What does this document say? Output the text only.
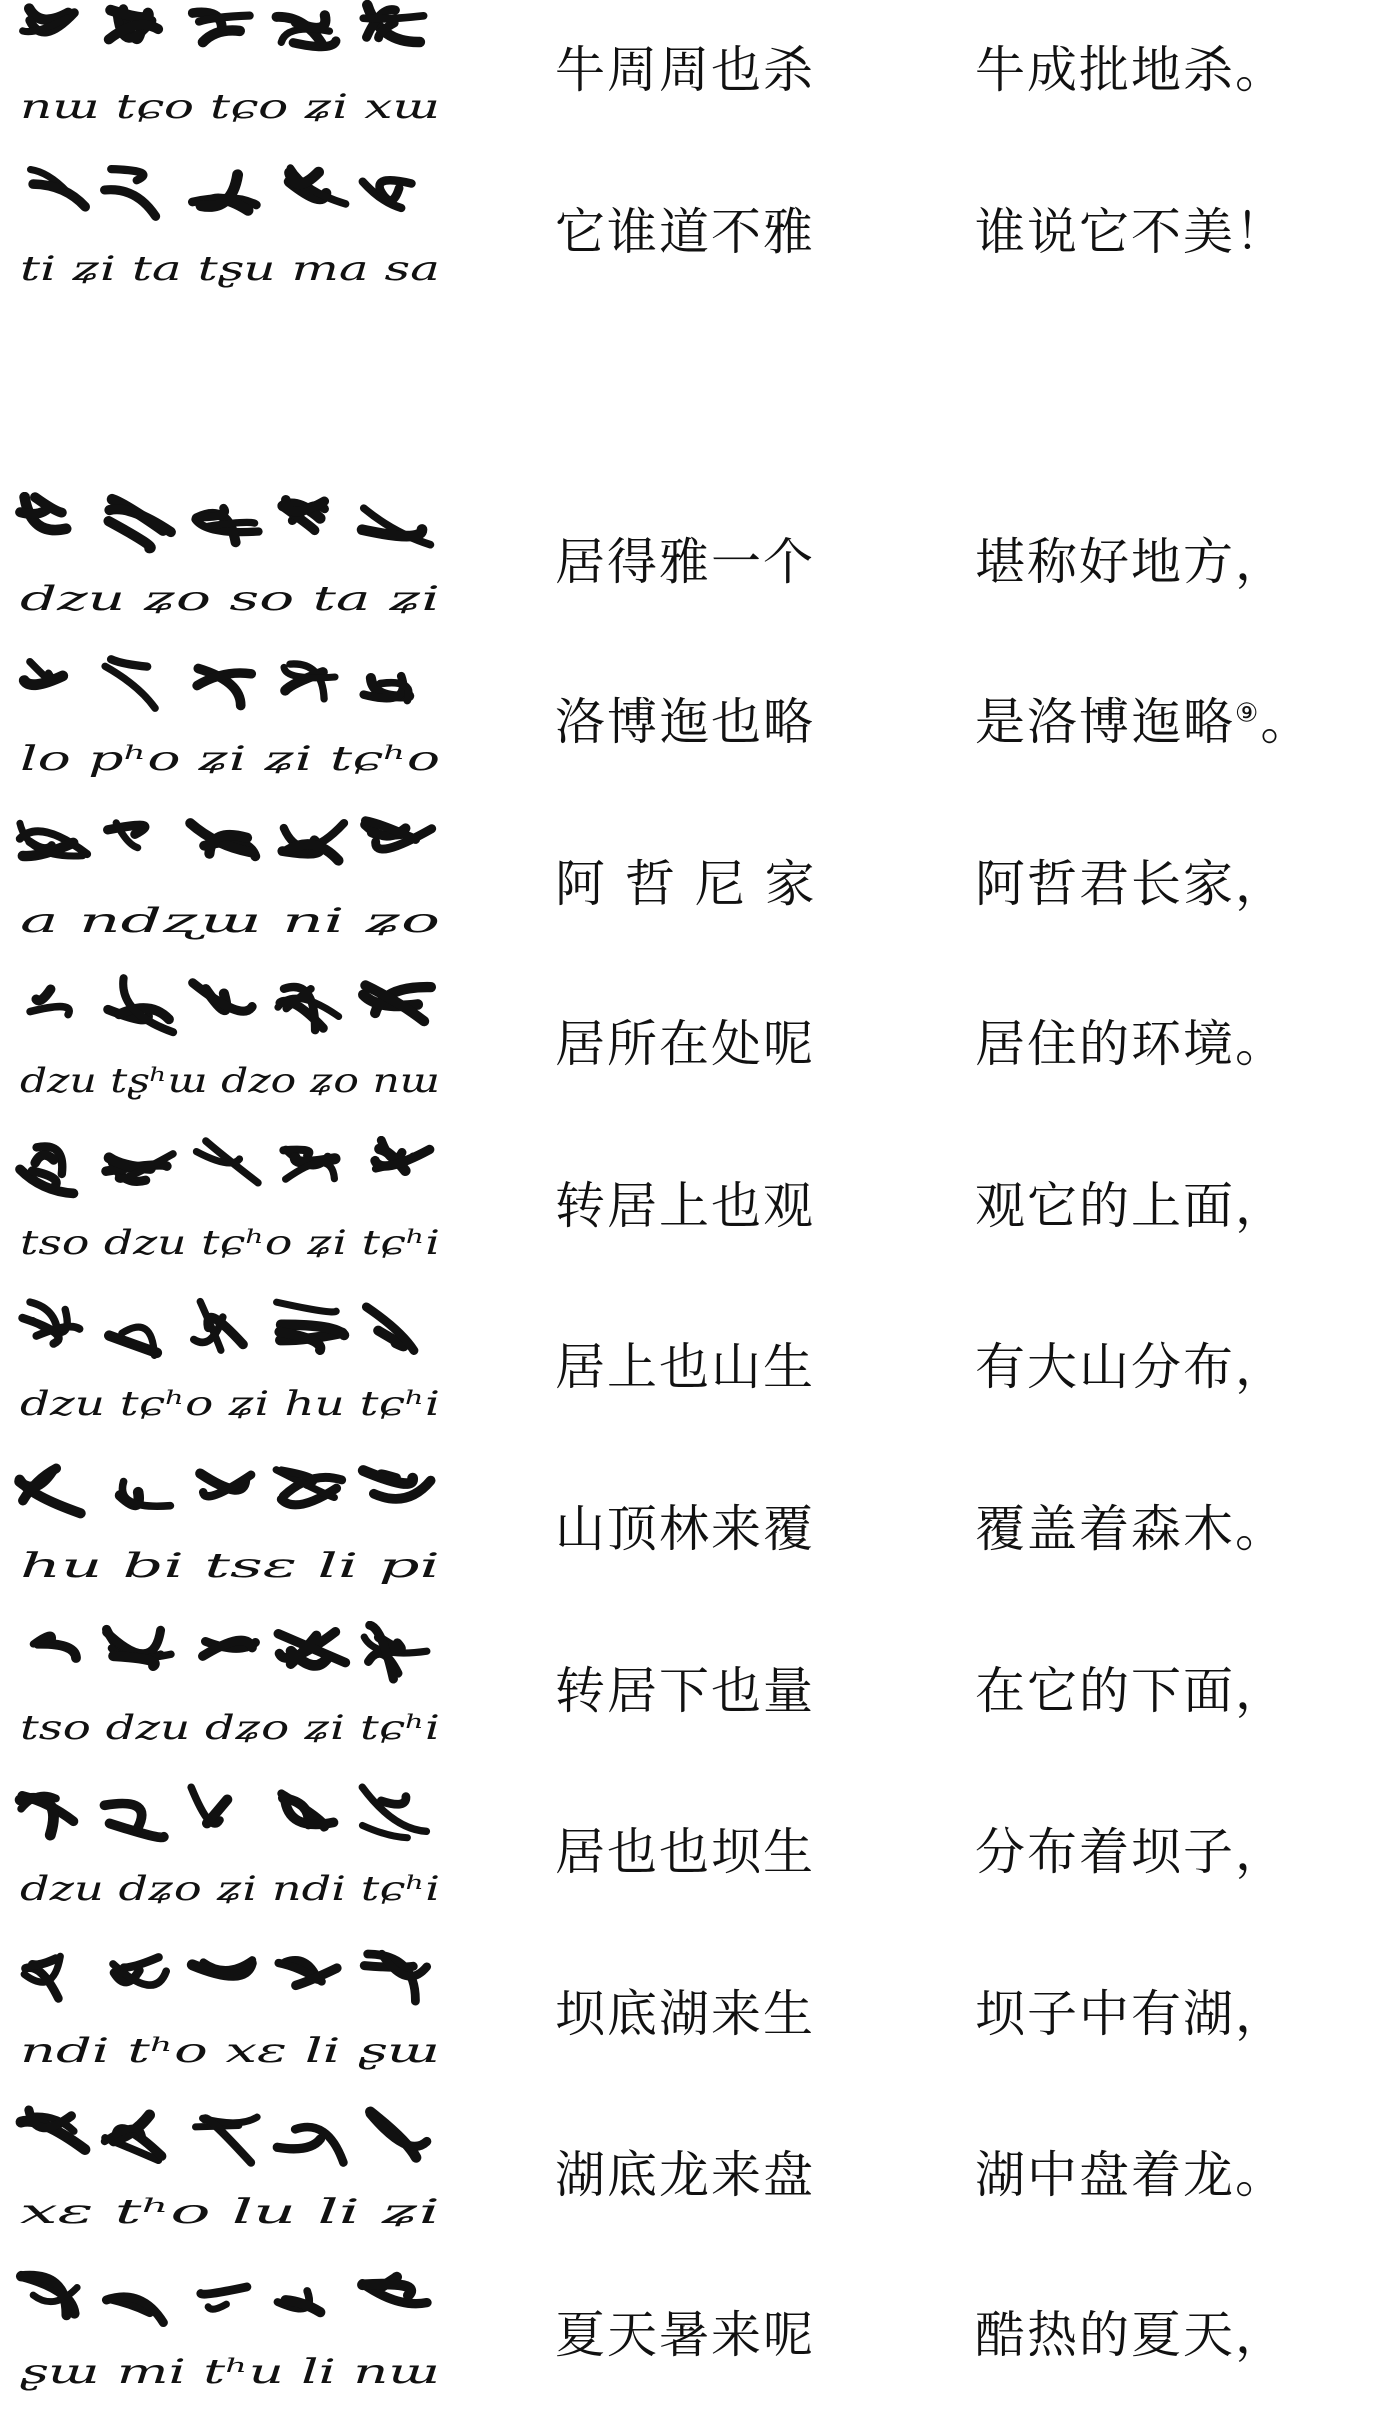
nɯ tɕo tɕo ʑi xɯ
牛周周也杀	牛成批地杀。
ti ʑi ta tʂu ma sa
它谁道不雅	谁说它不美！
dzu ʑo so ta ʑi
居得雅一个	堪称好地方，
lo pʰo ʑi ʑi tɕʰo
洛博迤也略	是洛博迤略⑨。
a ndʐɯ ni ʑo
阿 哲 尼 家	阿哲君长家，
dzu tʂʰɯ dzo ʑo nɯ
居所在处呢	居住的环境。
tso dzu tɕʰo ʑi tɕʰi
转居上也观	观它的上面，
dzu tɕʰo ʑi hu tɕʰi
居上也山生	有大山分布，
hu bi tsɛ li pi
山顶林来覆	覆盖着森木。
tso dzu dʑo ʑi tɕʰi
转居下也量	在它的下面，
dzu dʑo ʑi ndi tɕʰi
居也也坝生	分布着坝子，
ndi tʰo xɛ li ʂɯ
坝底湖来生	坝子中有湖，
xɛ tʰo lu li ʑi
湖底龙来盘	湖中盘着龙。
ʂɯ mi tʰu li nɯ
夏天暑来呢	酷热的夏天，
